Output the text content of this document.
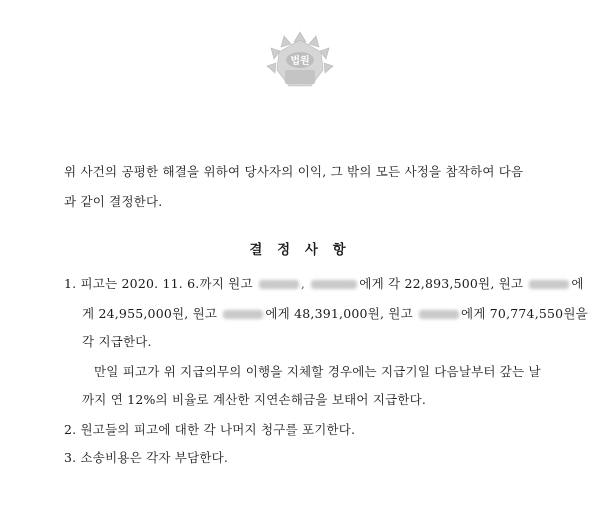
법원
위 사건의 공평한 해결을 위하여 당사자의 이익, 그 밖의 모든 사정을 참작하여 다음
과 같이 결정한다.
결 정 사 항
1. 피고는 2020. 11. 6.까지 원고	,	에게 각 22,893,500원, 원고	에
게 24,955,000원, 원고	에게 48,391,000원, 원고	에게 70,774,550원을
각 지급한다.
만일 피고가 위 지급의무의 이행을 지체할 경우에는 지급기일 다음날부터 갚는 날
까지 연 12%의 비율로 계산한 지연손해금을 보태어 지급한다.
2. 원고들의 피고에 대한 각 나머지 청구를 포기한다.
3. 소송비용은 각자 부담한다.
